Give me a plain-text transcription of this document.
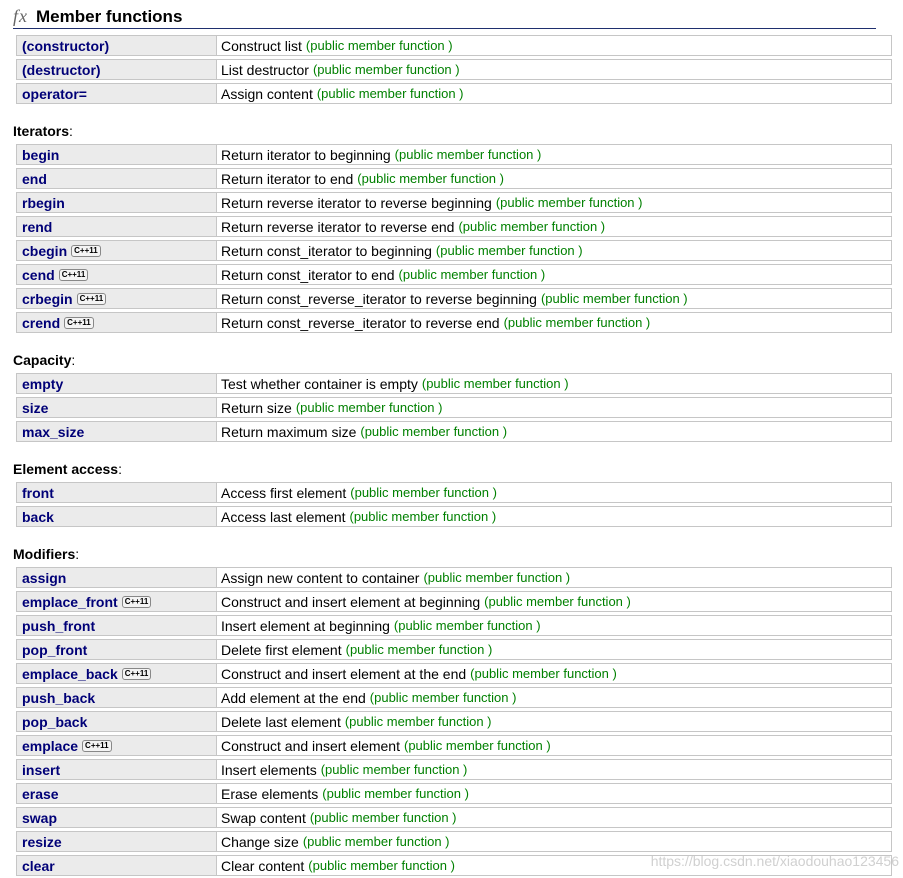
fx Member functions
(constructor)	Construct list (public member function )
(destructor)	List destructor (public member function )
operator=	Assign content (public member function )
Iterators :
begin	Return iterator to beginning (public member function )
end	Return iterator to end (public member function )
rbegin	Return reverse iterator to reverse beginning (public member function )
rend	Return reverse iterator to reverse end (public member function )
cbegin C++11	Return const_iterator to beginning (public member function )
cend C++11	Return const_iterator to end (public member function )
crbegin C++11	Return const_reverse_iterator to reverse beginning (public member function )
crend C++11	Return const_reverse_iterator to reverse end (public member function )
Capacity :
empty	Test whether container is empty (public member function )
size	Return size (public member function )
max_size	Return maximum size (public member function )
Element access :
front	Access first element (public member function )
back	Access last element (public member function )
Modifiers :
assign	Assign new content to container (public member function )
emplace_front C++11	Construct and insert element at beginning (public member function )
push_front	Insert element at beginning (public member function )
pop_front	Delete first element (public member function )
emplace_back C++11	Construct and insert element at the end (public member function )
push_back	Add element at the end (public member function )
pop_back	Delete last element (public member function )
emplace C++11	Construct and insert element (public member function )
insert	Insert elements (public member function )
erase	Erase elements (public member function )
swap	Swap content (public member function )
resize	Change size (public member function )
clear	Clear content (public member function )	https://blog.csdn.net/xiaodouhao123456
